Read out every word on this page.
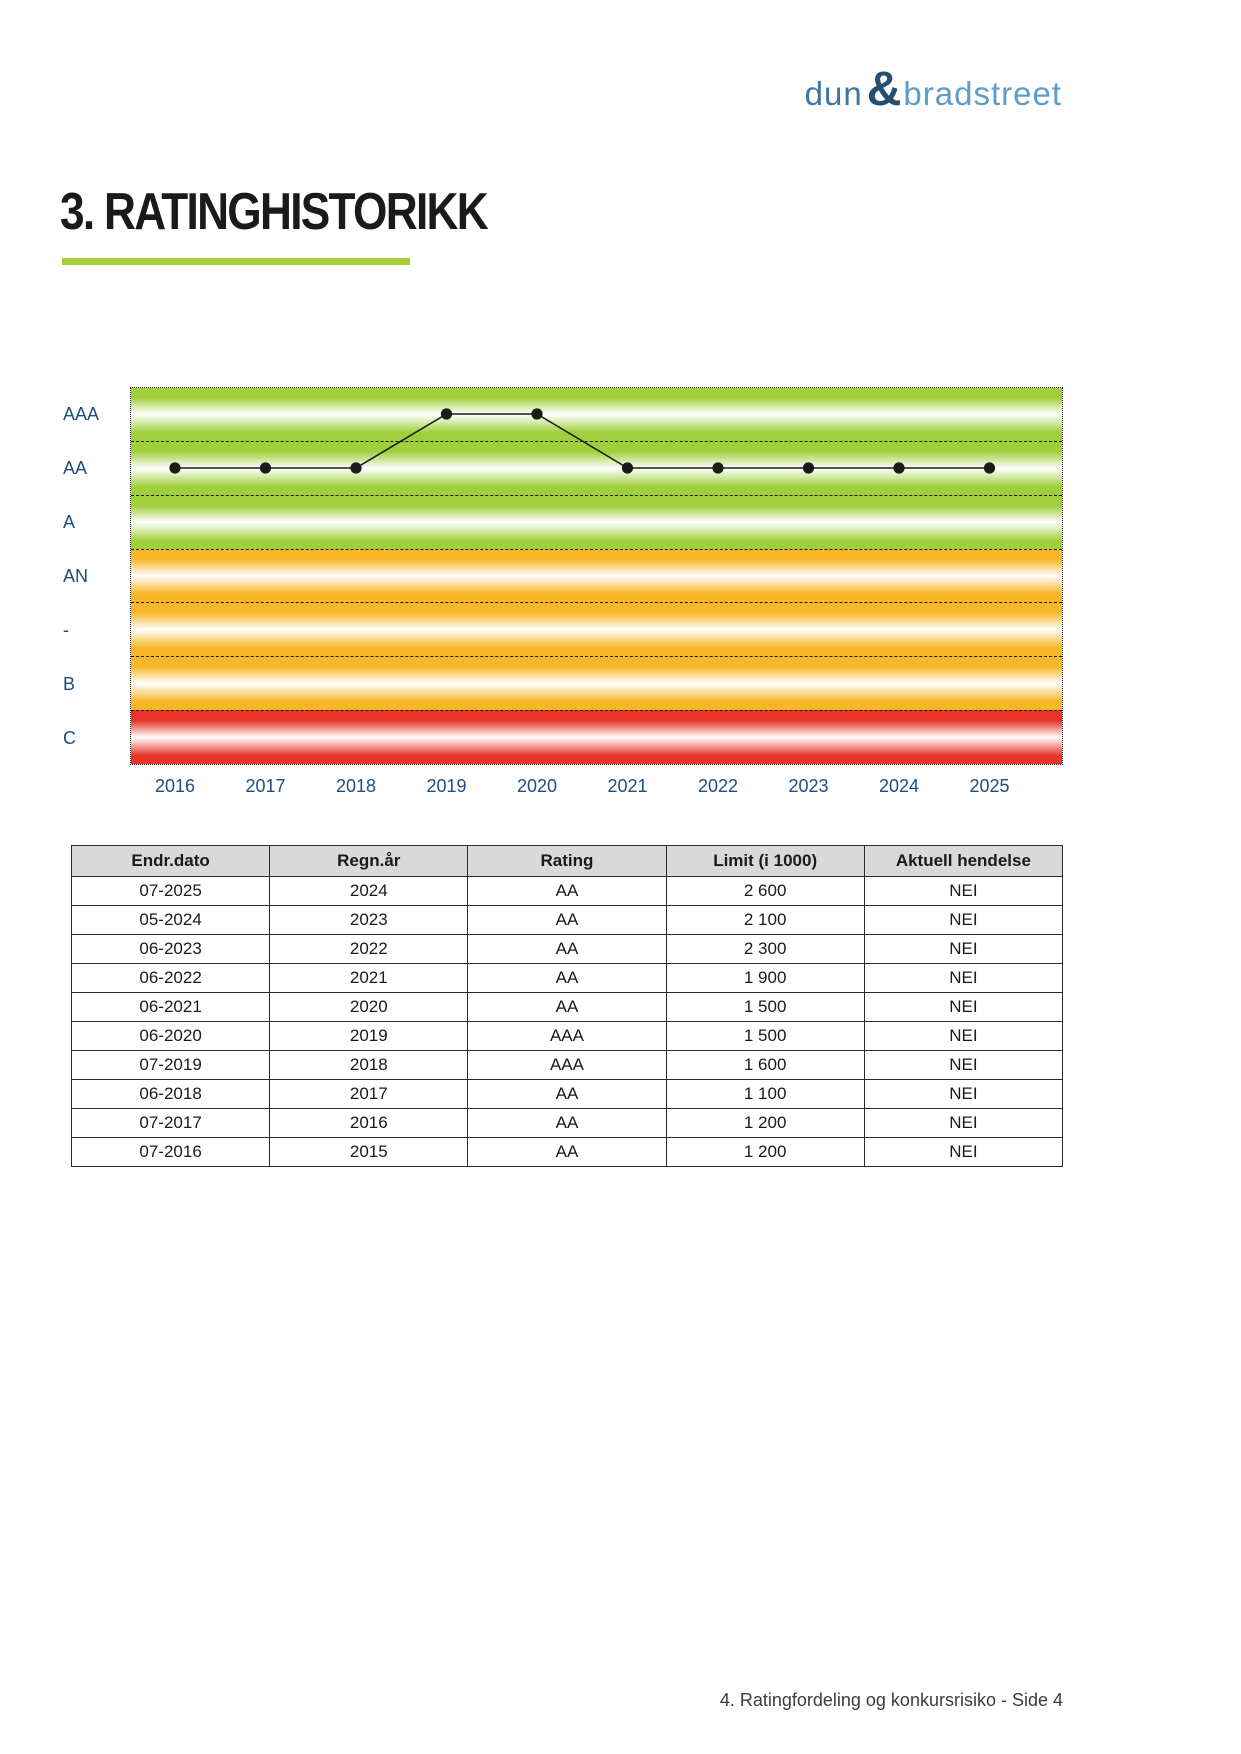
dun & bradstreet
3. RATINGHISTORIKK
AAA
AA
A
AN
-
B
C
2016	2017	2018	2019	2020	2021	2022	2023	2024	2025
Endr.dato	Regn.år	Rating	Limit (i 1000)	Aktuell hendelse
07-2025	2024	AA	2 600	NEI
05-2024	2023	AA	2 100	NEI
06-2023	2022	AA	2 300	NEI
06-2022	2021	AA	1 900	NEI
06-2021	2020	AA	1 500	NEI
06-2020	2019	AAA	1 500	NEI
07-2019	2018	AAA	1 600	NEI
06-2018	2017	AA	1 100	NEI
07-2017	2016	AA	1 200	NEI
07-2016	2015	AA	1 200	NEI
4. Ratingfordeling og konkursrisiko - Side 4
